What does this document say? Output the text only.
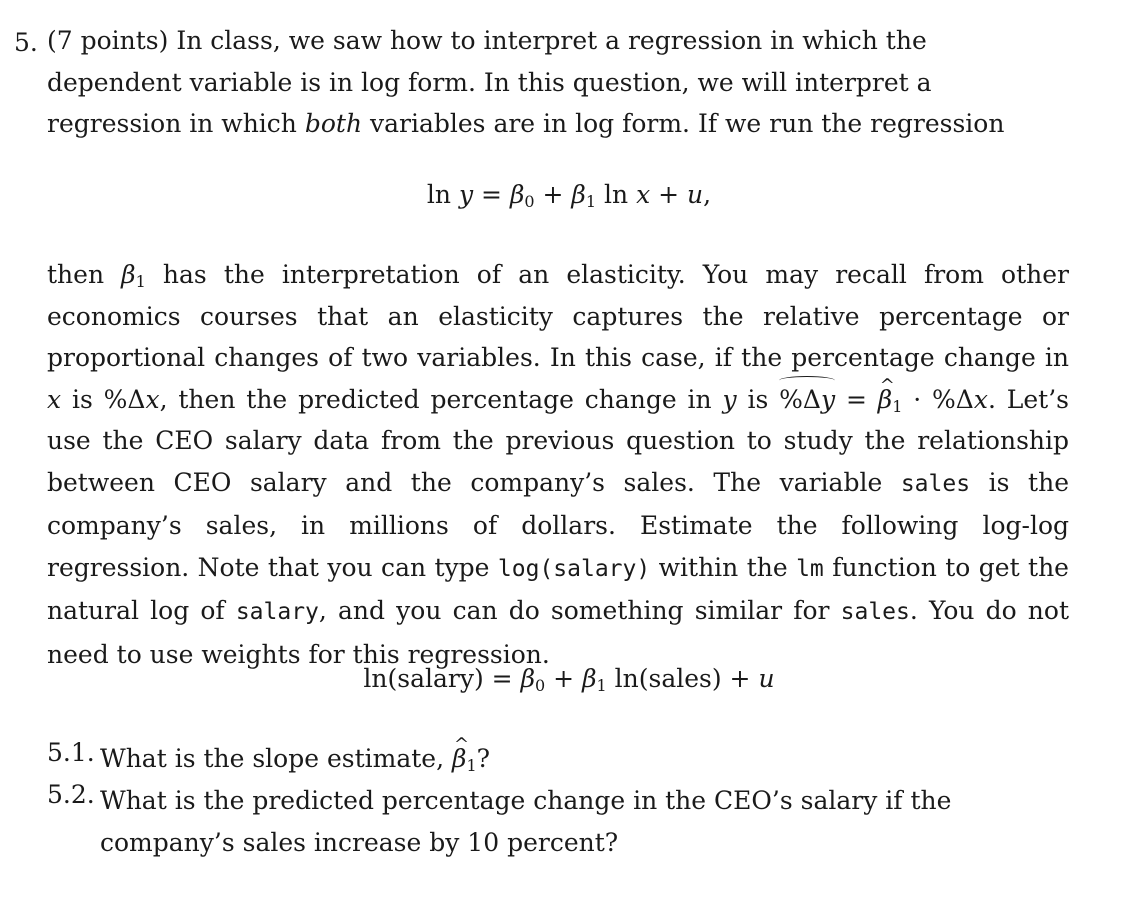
5. (7 points) In class, we saw how to interpret a regression in which the dependent variable is in log form. In this question, we will interpret a regression in which both variables are in log form. If we run the regression
$\ln y = \beta_0 + \beta_1$ ln x + u,
then $\beta_1$ has the interpretation of an elasticity. You may recall from other economics courses that an elasticity captures the relative percentage or proportional changes of two variables. In this case, if the percentage change in x is %Δx, then the predicted percentage change in y is %Δy = ^ $\beta_1 \cdot \%\Delta x$. Let’s use the CEO salary data from the previous question to study the relationship between CEO salary and the company’s sales. The variable sales is the company’s sales, in millions of dollars. Estimate the following log-log regression. Note that you can type log(salary) within the lm function to get the natural log of salary, and you can do something similar for sales. You do not need to use weights for this regression.
ln(salary) = $\beta_0 + \beta_1$ ln(sales) + u
5.1. What is the slope estimate, ^ $\beta_1$?
5.2. What is the predicted percentage change in the CEO’s salary if the company’s sales increase by 10 percent?
